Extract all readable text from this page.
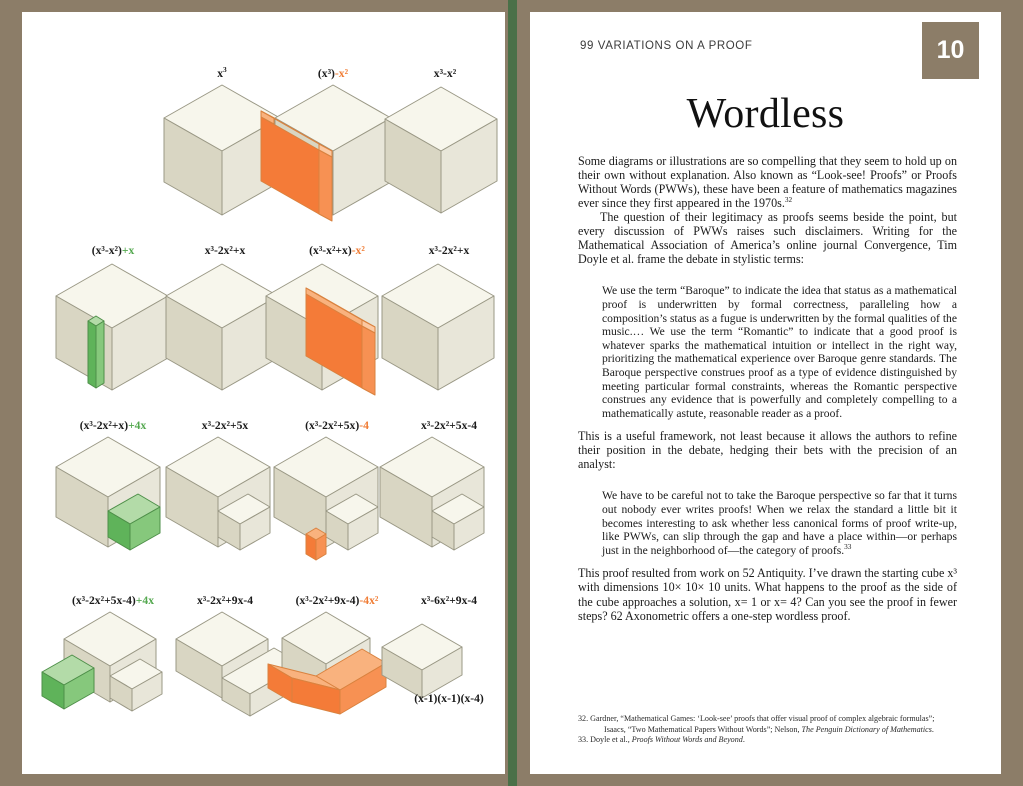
$x^3$	(x³)-x²	x³-x²
(x³-x²)+x	x³-2x²+x	(x³-x²+x)-x²	x³-2x²+x
(x³-2x²+x)+4x	x³-2x²+5x	(x³-2x²+5x)-4	x³-2x²+5x-4
(x³-2x²+5x-4)+4x	x³-2x²+9x-4	(x³-2x²+9x-4)-4x²	x³-6x²+9x-4
(x-1)(x-1)(x-4)
99 VARIATIONS ON A PROOF	10
Wordless

Some diagrams or illustrations are so compelling that they seem to hold up on their own without explanation. Also known as “Look-see! Proofs” or Proofs Without Words (PWWs), these have been a feature of mathematics magazines ever since they first appeared in the 1970s.$^{32}$

The question of their legitimacy as proofs seems beside the point, but every discussion of PWWs raises such disclaimers. Writing for the Mathematical Association of America’s online journal Convergence, Tim Doyle et al. frame the debate in stylistic terms:

We use the term “Baroque” to indicate the idea that status as a mathematical proof is underwritten by formal correctness, paralleling how a composition’s status as a fugue is underwritten by the formal qualities of the music.… We use the term “Romantic” to indicate that a good proof is whatever sparks the mathematical intuition or intellect in the right way, prioritizing the mathematical experience over Baroque genre standards. The Baroque perspective construes proof as a type of evidence distinguished by meeting particular formal constraints, whereas the Romantic perspective construes any evidence that is powerfully and completely compelling to a mathematically astute, reasonable reader as a proof.

This is a useful framework, not least because it allows the authors to refine their position in the debate, hedging their bets with the precision of an analyst:

We have to be careful not to take the Baroque perspective so far that it turns out nobody ever writes proofs! When we relax the standard a little bit it becomes interesting to ask whether less canonical forms of proof write-up, like PWWs, can slip through the gap and have a place within—or perhaps just in the neighborhood of—the category of proofs.$^{33}$

This proof resulted from work on 52 Antiquity. I’ve drawn the starting cube x³ with dimensions 10× 10× 10 units. What happens to the proof as the side of the cube approaches a solution, x= 1 or x= 4? Can you see the proof in fewer steps? 62 Axonometric offers a one-step wordless proof.

32. Gardner, “Mathematical Games: ‘Look-see’ proofs that offer visual proof of complex algebraic formulas”;
Isaacs, “Two Mathematical Papers Without Words”; Nelson, The Penguin Dictionary of Mathematics.
33. Doyle et al., Proofs Without Words and Beyond.
